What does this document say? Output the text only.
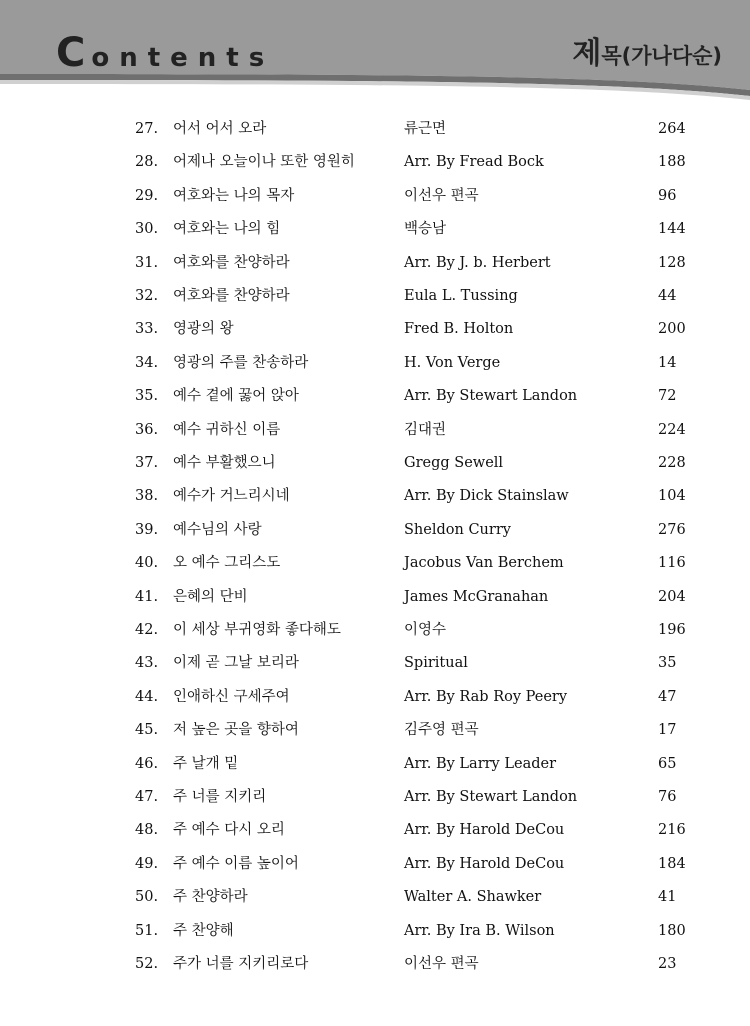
Contents	제목(가나다순)
27. 어서 어서 오라	류근면	264
28. 어제나 오늘이나 또한 영원히	Arr. By Fread Bock	188
29. 여호와는 나의 목자	이선우 편곡	96
30. 여호와는 나의 힘	백승남	144
31. 여호와를 찬양하라	Arr. By J. b. Herbert	128
32. 여호와를 찬양하라	Eula L. Tussing	44
33. 영광의 왕	Fred B. Holton	200
34. 영광의 주를 찬송하라	H. Von Verge	14
35. 예수 곁에 꿇어 앉아	Arr. By Stewart Landon	72
36. 예수 귀하신 이름	김대권	224
37. 예수 부활했으니	Gregg Sewell	228
38. 예수가 거느리시네	Arr. By Dick Stainslaw	104
39. 예수님의 사랑	Sheldon Curry	276
40. 오 예수 그리스도	Jacobus Van Berchem	116
41. 은혜의 단비	James McGranahan	204
42. 이 세상 부귀영화 좋다해도	이영수	196
43. 이제 곧 그날 보리라	Spiritual	35
44. 인애하신 구세주여	Arr. By Rab Roy Peery	47
45. 저 높은 곳을 향하여	김주영 편곡	17
46. 주 날개 밑	Arr. By Larry Leader	65
47. 주 너를 지키리	Arr. By Stewart Landon	76
48. 주 예수 다시 오리	Arr. By Harold DeCou	216
49. 주 예수 이름 높이어	Arr. By Harold DeCou	184
50. 주 찬양하라	Walter A. Shawker	41
51. 주 찬양해	Arr. By Ira B. Wilson	180
52. 주가 너를 지키리로다	이선우 편곡	23
